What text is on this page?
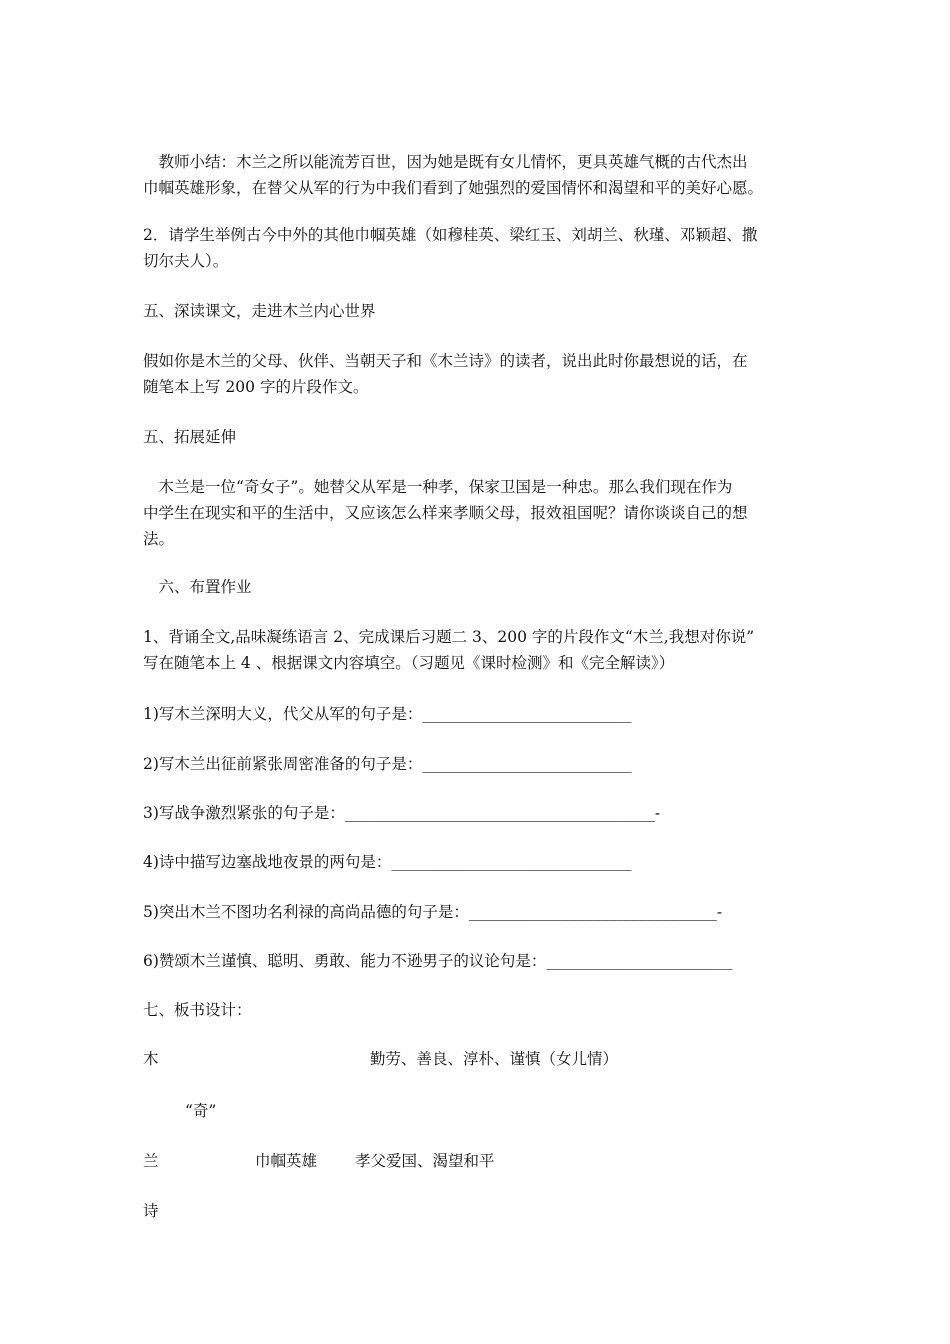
教师小结：木兰之所以能流芳百世，因为她是既有女儿情怀，更具英雄气概的古代杰出
巾帼英雄形象，在替父从军的行为中我们看到了她强烈的爱国情怀和渴望和平的美好心愿。

2．请学生举例古今中外的其他巾帼英雄（如穆桂英、梁红玉、刘胡兰、秋瑾、邓颖超、撒
切尔夫人）。

五、深读课文，走进木兰内心世界

假如你是木兰的父母、伙伴、当朝天子和《木兰诗》的读者，说出此时你最想说的话，在
随笔本上写 200 字的片段作文。

五、拓展延伸

木兰是一位“奇女子”。她替父从军是一种孝，保家卫国是一种忠。那么我们现在作为
中学生在现实和平的生活中，又应该怎么样来孝顺父母，报效祖国呢？请你谈谈自己的想
法。

六、布置作业

1、背诵全文,品味凝练语言 2、完成课后习题二 3、200 字的片段作文“木兰,我想对你说”
写在随笔本上 4 、根据课文内容填空。（习题见《课时检测》和《完全解读》）

1)写木兰深明大义，代父从军的句子是：___________________________
2)写木兰出征前紧张周密准备的句子是：___________________________
3)写战争激烈紧张的句子是：________________________________________-
4)诗中描写边塞战地夜景的两句是：_______________________________
5)突出木兰不图功名利禄的高尚品德的句子是：________________________________-
6)赞颂木兰谨慎、聪明、勇敢、能力不逊男子的议论句是：________________________

七、板书设计：

木	勤劳、善良、淳朴、谨慎（女儿情）
“奇”
兰	巾帼英雄 孝父爱国、渴望和平
诗
